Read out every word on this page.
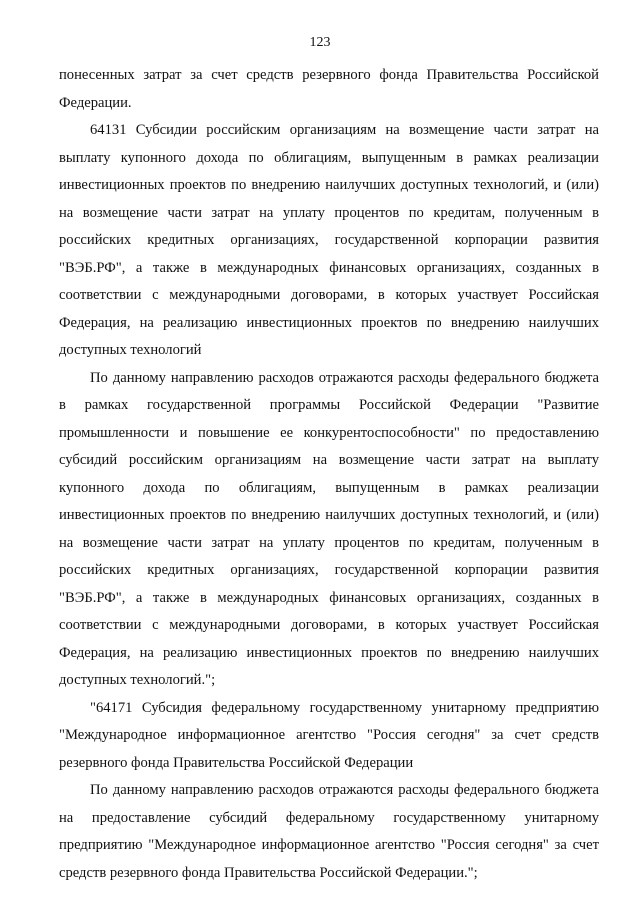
123

понесенных затрат за счет средств резервного фонда Правительства Российской Федерации.

64131 Субсидии российским организациям на возмещение части затрат на выплату купонного дохода по облигациям, выпущенным в рамках реализации инвестиционных проектов по внедрению наилучших доступных технологий, и (или) на возмещение части затрат на уплату процентов по кредитам, полученным в российских кредитных организациях, государственной корпорации развития "ВЭБ.РФ", а также в международных финансовых организациях, созданных в соответствии с международными договорами, в которых участвует Российская Федерация, на реализацию инвестиционных проектов по внедрению наилучших доступных технологий

По данному направлению расходов отражаются расходы федерального бюджета в рамках государственной программы Российской Федерации "Развитие промышленности и повышение ее конкурентоспособности" по предоставлению субсидий российским организациям на возмещение части затрат на выплату купонного дохода по облигациям, выпущенным в рамках реализации инвестиционных проектов по внедрению наилучших доступных технологий, и (или) на возмещение части затрат на уплату процентов по кредитам, полученным в российских кредитных организациях, государственной корпорации развития "ВЭБ.РФ", а также в международных финансовых организациях, созданных в соответствии с международными договорами, в которых участвует Российская Федерация, на реализацию инвестиционных проектов по внедрению наилучших доступных технологий.";

"64171 Субсидия федеральному государственному унитарному предприятию "Международное информационное агентство "Россия сегодня" за счет средств резервного фонда Правительства Российской Федерации

По данному направлению расходов отражаются расходы федерального бюджета на предоставление субсидий федеральному государственному унитарному предприятию "Международное информационное агентство "Россия сегодня" за счет средств резервного фонда Правительства Российской Федерации.";
